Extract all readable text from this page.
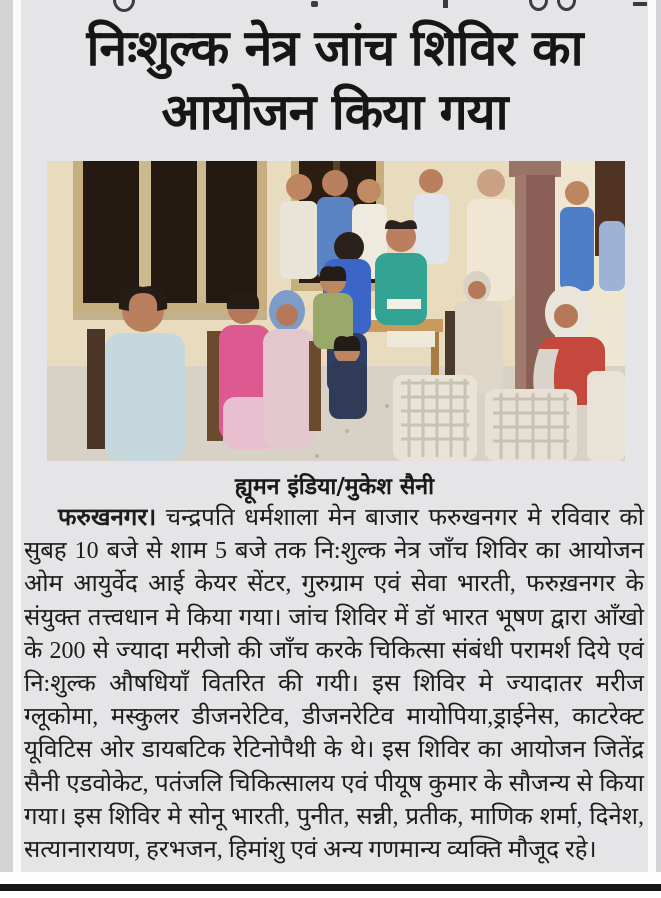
निःशुल्क नेत्र जांच शिविर का
आयोजन किया गया
ह्यूमन इंडिया/मुकेश सैनी

फरुखनगर। चन्द्रपति धर्मशाला मेन बाजार फरुखनगर मे रविवार को सुबह 10 बजे से शाम 5 बजे तक नि:शुल्क नेत्र जाँच शिविर का आयोजन ओम आयुर्वेद आई केयर सेंटर, गुरुग्राम एवं सेवा भारती, फरुख़नगर के संयुक्त तत्त्वधान मे किया गया। जांच शिविर में डॉ भारत भूषण द्वारा आँखो के 200 से ज्यादा मरीजो की जाँच करके चिकित्सा संबंधी परामर्श दिये एवं नि:शुल्क औषधियाँ वितरित की गयी। इस शिविर मे ज्यादातर मरीज ग्लूकोमा, मस्कुलर डीजनरेटिव, डीजनरेटिव मायोपिया,ड्राईनेस, काटरेक्ट यूविटिस ओर डायबटिक रेटिनोपैथी के थे। इस शिविर का आयोजन जितेंद्र सैनी एडवोकेट, पतंजलि चिकित्सालय एवं पीयूष कुमार के सौजन्य से किया गया। इस शिविर मे सोनू भारती, पुनीत, सन्नी, प्रतीक, माणिक शर्मा, दिनेश, सत्यानारायण, हरभजन, हिमांशु एवं अन्य गणमान्य व्यक्ति मौजूद रहे।
